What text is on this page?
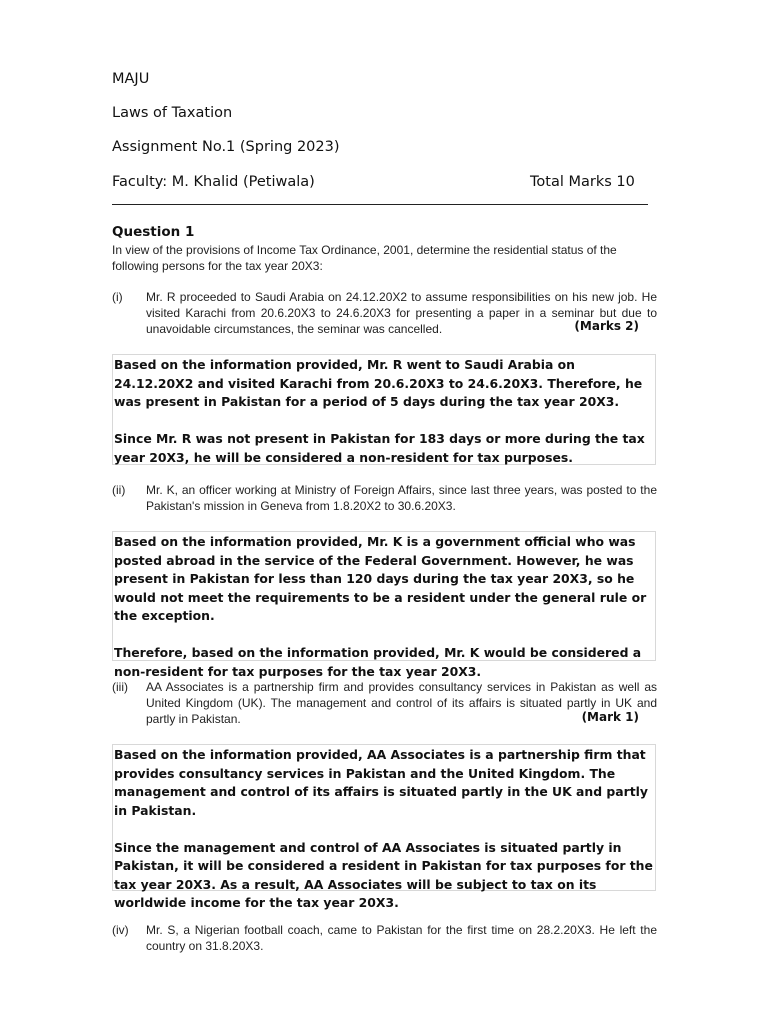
MAJU
Laws of Taxation
Assignment No.1 (Spring 2023)
Faculty: M. Khalid (Petiwala)	Total Marks 10
Question 1
In view of the provisions of Income Tax Ordinance, 2001, determine the residential status of the following persons for the tax year 20X3:
(i) Mr. R proceeded to Saudi Arabia on 24.12.20X2 to assume responsibilities on his new job. He visited Karachi from 20.6.20X3 to 24.6.20X3 for presenting a paper in a seminar but due to unavoidable circumstances, the seminar was cancelled.	(Marks 2)

Based on the information provided, Mr. R went to Saudi Arabia on 24.12.20X2 and visited Karachi from 20.6.20X3 to 24.6.20X3. Therefore, he was present in Pakistan for a period of 5 days during the tax year 20X3.

Since Mr. R was not present in Pakistan for 183 days or more during the tax year 20X3, he will be considered a non-resident for tax purposes.

(ii) Mr. K, an officer working at Ministry of Foreign Affairs, since last three years, was posted to the Pakistan's mission in Geneva from 1.8.20X2 to 30.6.20X3.

Based on the information provided, Mr. K is a government official who was posted abroad in the service of the Federal Government. However, he was present in Pakistan for less than 120 days during the tax year 20X3, so he would not meet the requirements to be a resident under the general rule or the exception.

Therefore, based on the information provided, Mr. K would be considered a non-resident for tax purposes for the tax year 20X3.

(iii) AA Associates is a partnership firm and provides consultancy services in Pakistan as well as United Kingdom (UK). The management and control of its affairs is situated partly in UK and partly in Pakistan.	(Mark 1)

Based on the information provided, AA Associates is a partnership firm that provides consultancy services in Pakistan and the United Kingdom. The management and control of its affairs is situated partly in the UK and partly in Pakistan.

Since the management and control of AA Associates is situated partly in Pakistan, it will be considered a resident in Pakistan for tax purposes for the tax year 20X3. As a result, AA Associates will be subject to tax on its worldwide income for the tax year 20X3.

(iv) Mr. S, a Nigerian football coach, came to Pakistan for the first time on 28.2.20X3. He left the country on 31.8.20X3.
